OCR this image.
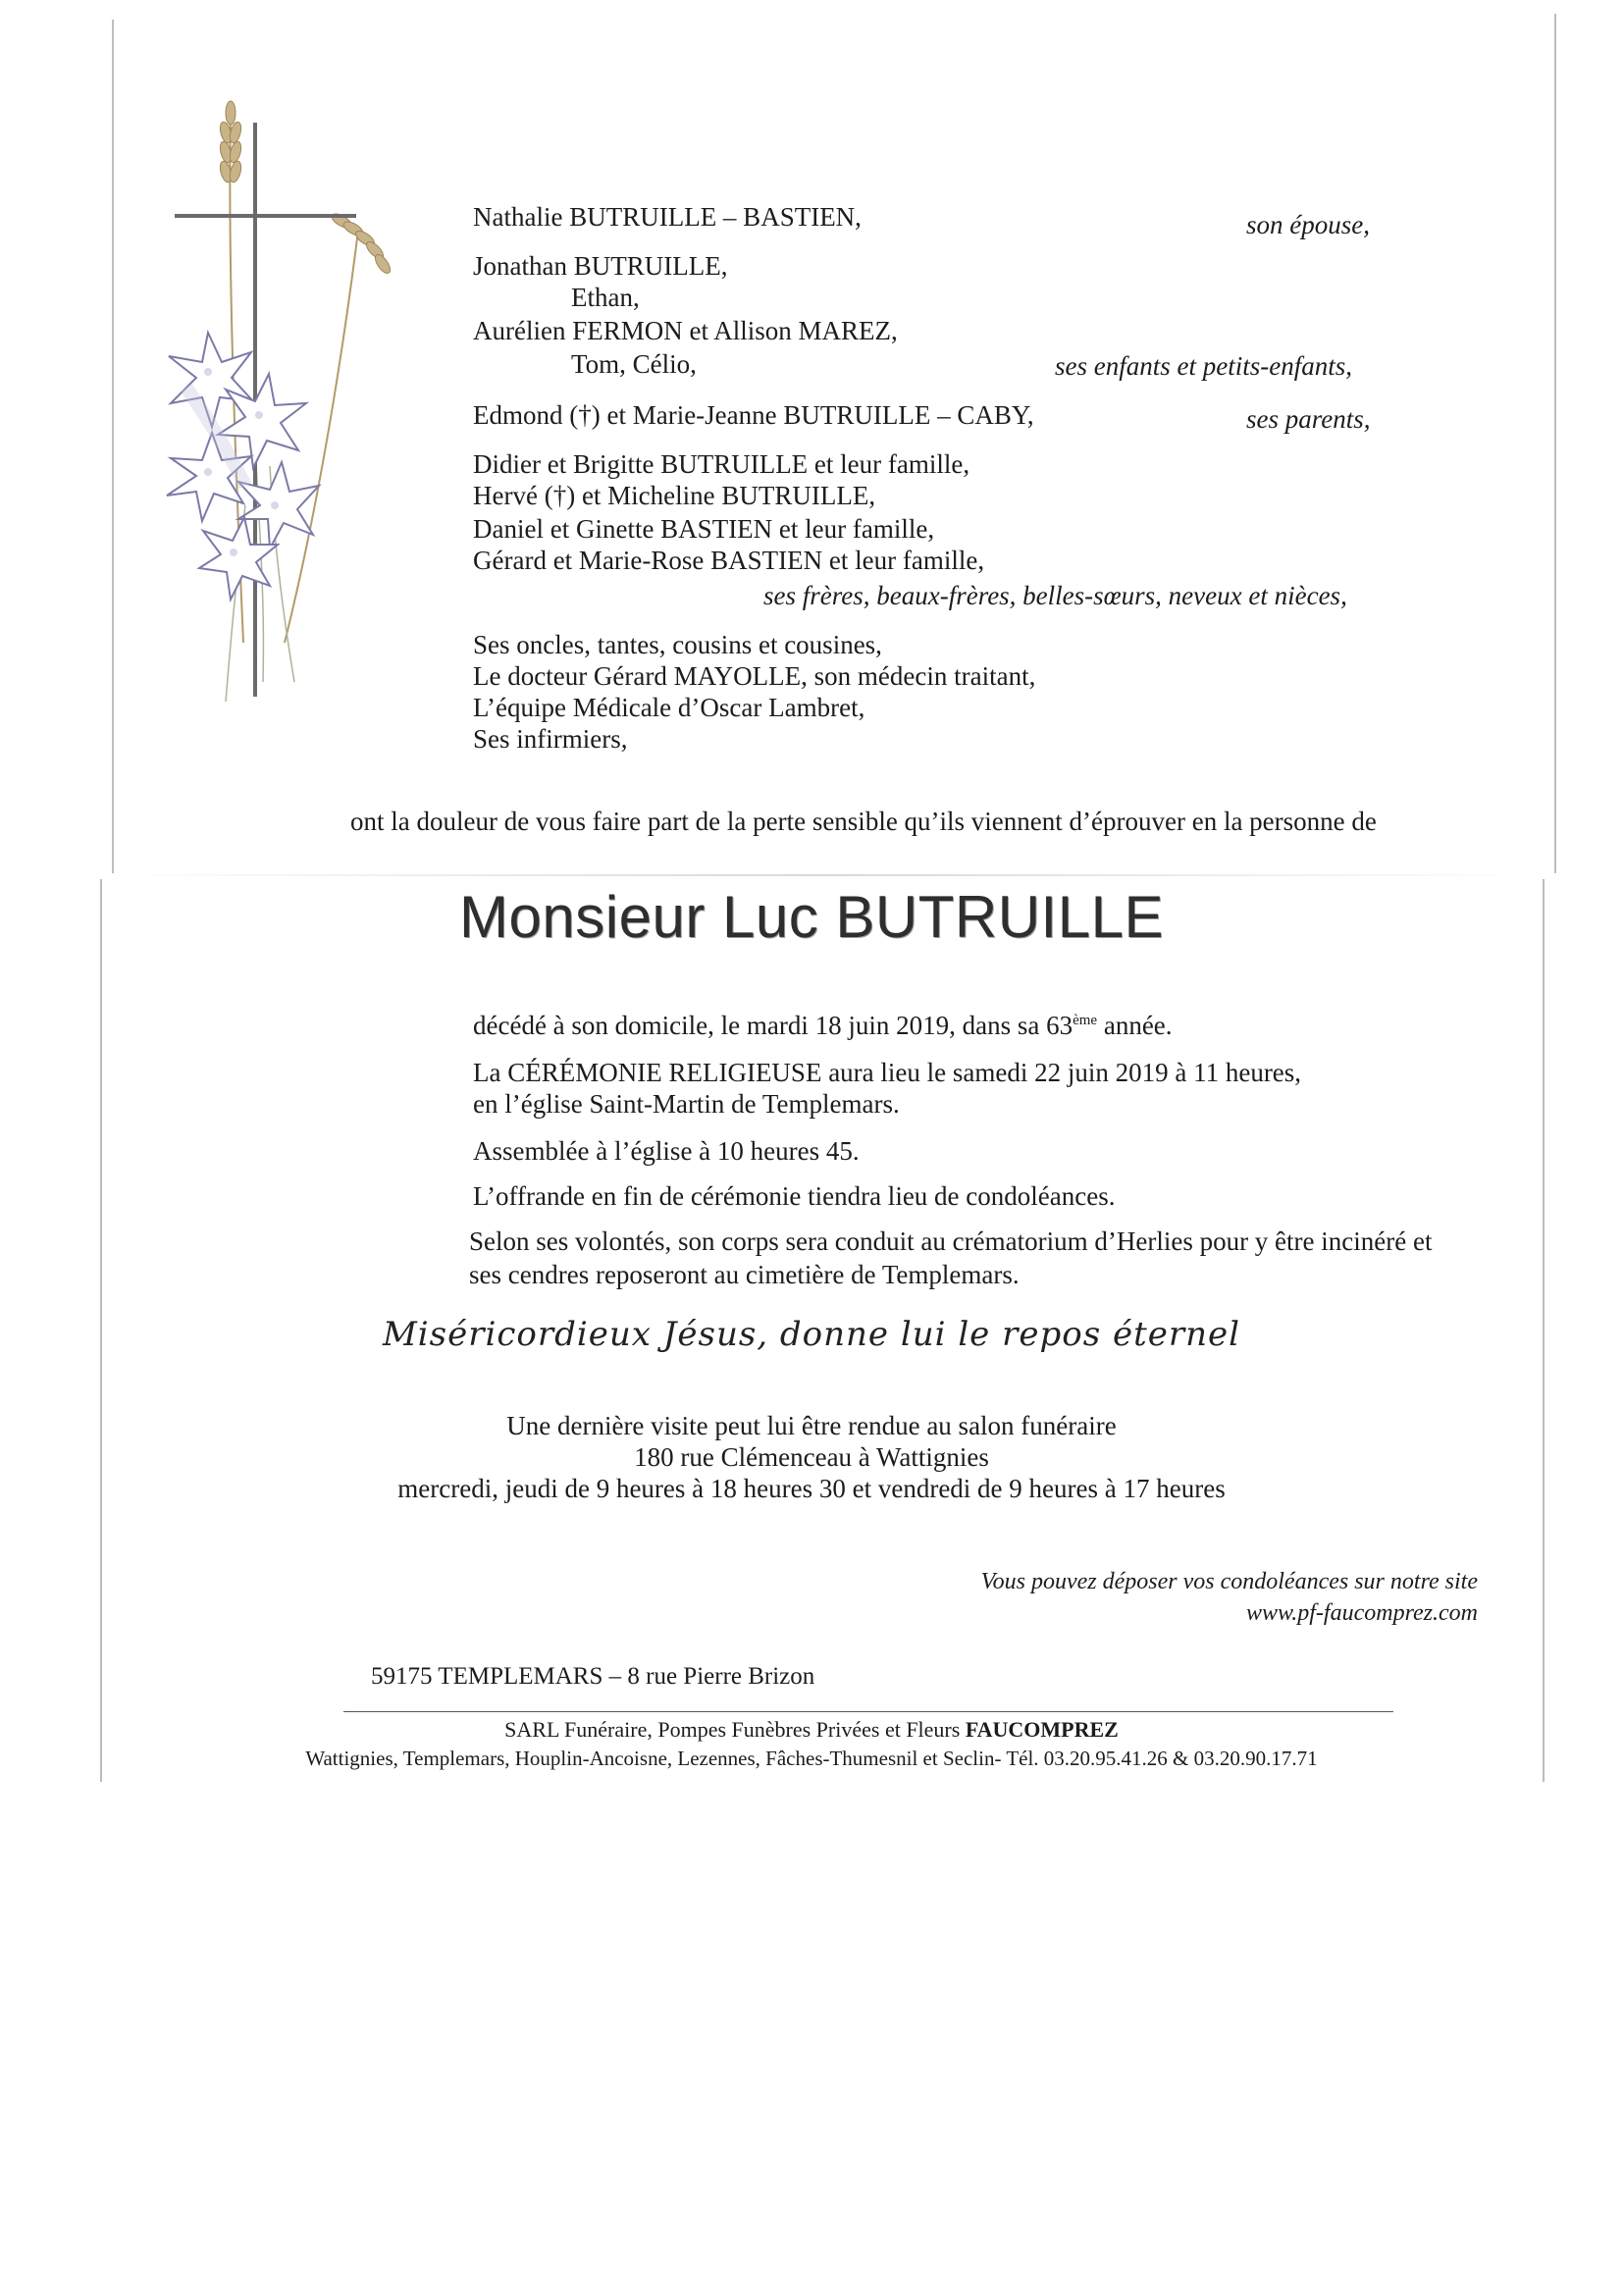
Nathalie BUTRUILLE – BASTIEN,	son épouse,
Jonathan BUTRUILLE,
Ethan,
Aurélien FERMON et Allison MAREZ,
Tom, Célio,	ses enfants et petits-enfants,
Edmond (†) et Marie-Jeanne BUTRUILLE – CABY,	ses parents,
Didier et Brigitte BUTRUILLE et leur famille,
Hervé (†) et Micheline BUTRUILLE,
Daniel et Ginette BASTIEN et leur famille,
Gérard et Marie-Rose BASTIEN et leur famille,
ses frères, beaux-frères, belles-sœurs, neveux et nièces,
Ses oncles, tantes, cousins et cousines,
Le docteur Gérard MAYOLLE, son médecin traitant,
L’équipe Médicale d’Oscar Lambret,
Ses infirmiers,
ont la douleur de vous faire part de la perte sensible qu’ils viennent d’éprouver en la personne de
Monsieur Luc BUTRUILLE
décédé à son domicile, le mardi 18 juin 2019, dans sa 63ème année.
La CÉRÉMONIE RELIGIEUSE aura lieu le samedi 22 juin 2019 à 11 heures,
en l’église Saint-Martin de Templemars.
Assemblée à l’église à 10 heures 45.
L’offrande en fin de cérémonie tiendra lieu de condoléances.
Selon ses volontés, son corps sera conduit au crématorium d’Herlies pour y être incinéré et
ses cendres reposeront au cimetière de Templemars.
Miséricordieux Jésus, donne lui le repos éternel
Une dernière visite peut lui être rendue au salon funéraire
180 rue Clémenceau à Wattignies
mercredi, jeudi de 9 heures à 18 heures 30 et vendredi de 9 heures à 17 heures
Vous pouvez déposer vos condoléances sur notre site
www.pf-faucomprez.com
59175 TEMPLEMARS – 8 rue Pierre Brizon
SARL Funéraire, Pompes Funèbres Privées et Fleurs FAUCOMPREZ
Wattignies, Templemars, Houplin-Ancoisne, Lezennes, Fâches-Thumesnil et Seclin- Tél. 03.20.95.41.26 & 03.20.90.17.71
